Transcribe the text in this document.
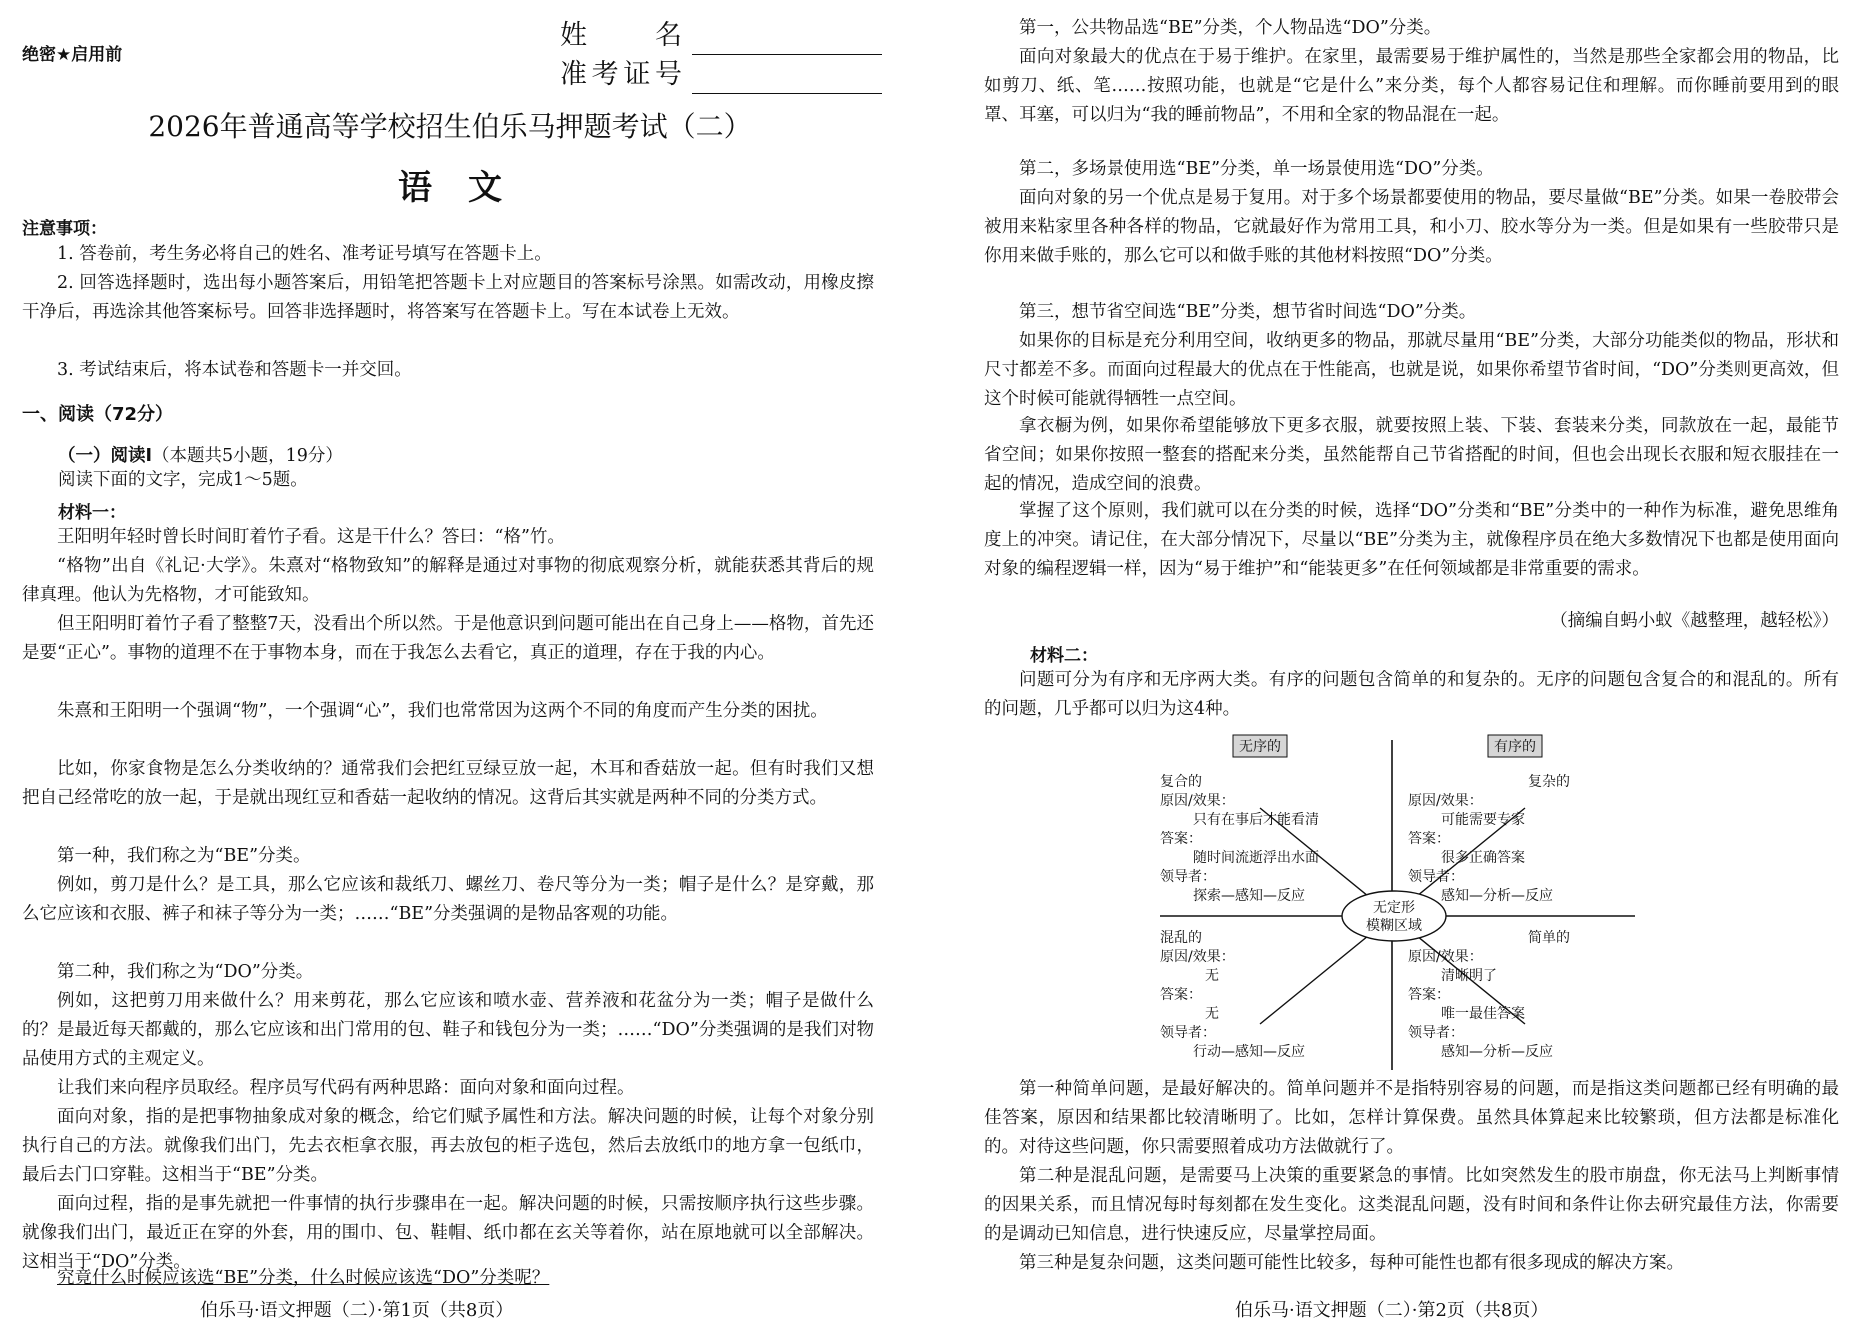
绝密★启用前
姓　名
准考证号
2026年普通高等学校招生伯乐马押题考试（二）
语文
注意事项：

1. 答卷前，考生务必将自己的姓名、准考证号填写在答题卡上。

2. 回答选择题时，选出每小题答案后，用铅笔把答题卡上对应题目的答案标号涂黑。如需改动，用橡皮擦干净后，再选涂其他答案标号。回答非选择题时，将答案写在答题卡上。写在本试卷上无效。

3. 考试结束后，将本试卷和答题卡一并交回。

一、阅读（72分）
（一）阅读Ⅰ（本题共5小题，19分）

阅读下面的文字，完成1～5题。

材料一：

王阳明年轻时曾长时间盯着竹子看。这是干什么？答曰：“格”竹。

“格物”出自《礼记·大学》。朱熹对“格物致知”的解释是通过对事物的彻底观察分析，就能获悉其背后的规律真理。他认为先格物，才可能致知。

但王阳明盯着竹子看了整整7天，没看出个所以然。于是他意识到问题可能出在自己身上——格物，首先还是要“正心”。事物的道理不在于事物本身，而在于我怎么去看它，真正的道理，存在于我的内心。

朱熹和王阳明一个强调“物”，一个强调“心”，我们也常常因为这两个不同的角度而产生分类的困扰。

比如，你家食物是怎么分类收纳的？通常我们会把红豆绿豆放一起，木耳和香菇放一起。但有时我们又想把自己经常吃的放一起，于是就出现红豆和香菇一起收纳的情况。这背后其实就是两种不同的分类方式。

第一种，我们称之为“BE”分类。

例如，剪刀是什么？是工具，那么它应该和裁纸刀、螺丝刀、卷尺等分为一类；帽子是什么？是穿戴，那么它应该和衣服、裤子和袜子等分为一类；……“BE”分类强调的是物品客观的功能。

第二种，我们称之为“DO”分类。

例如，这把剪刀用来做什么？用来剪花，那么它应该和喷水壶、营养液和花盆分为一类；帽子是做什么的？是最近每天都戴的，那么它应该和出门常用的包、鞋子和钱包分为一类；……“DO”分类强调的是我们对物品使用方式的主观定义。

让我们来向程序员取经。程序员写代码有两种思路：面向对象和面向过程。

面向对象，指的是把事物抽象成对象的概念，给它们赋予属性和方法。解决问题的时候，让每个对象分别执行自己的方法。就像我们出门，先去衣柜拿衣服，再去放包的柜子选包，然后去放纸巾的地方拿一包纸巾，最后去门口穿鞋。这相当于“BE”分类。

面向过程，指的是事先就把一件事情的执行步骤串在一起。解决问题的时候，只需按顺序执行这些步骤。就像我们出门，最近正在穿的外套，用的围巾、包、鞋帽、纸巾都在玄关等着你，站在原地就可以全部解决。这相当于“DO”分类。

究竟什么时候应该选“BE”分类，什么时候应该选“DO”分类呢？

伯乐马·语文押题（二）·第1页（共8页）

第一，公共物品选“BE”分类，个人物品选“DO”分类。

面向对象最大的优点在于易于维护。在家里，最需要易于维护属性的，当然是那些全家都会用的物品，比如剪刀、纸、笔……按照功能，也就是“它是什么”来分类，每个人都容易记住和理解。而你睡前要用到的眼罩、耳塞，可以归为“我的睡前物品”，不用和全家的物品混在一起。

第二，多场景使用选“BE”分类，单一场景使用选“DO”分类。

面向对象的另一个优点是易于复用。对于多个场景都要使用的物品，要尽量做“BE”分类。如果一卷胶带会被用来粘家里各种各样的物品，它就最好作为常用工具，和小刀、胶水等分为一类。但是如果有一些胶带只是你用来做手账的，那么它可以和做手账的其他材料按照“DO”分类。

第三，想节省空间选“BE”分类，想节省时间选“DO”分类。

如果你的目标是充分利用空间，收纳更多的物品，那就尽量用“BE”分类，大部分功能类似的物品，形状和尺寸都差不多。而面向过程最大的优点在于性能高，也就是说，如果你希望节省时间，“DO”分类则更高效，但这个时候可能就得牺牲一点空间。

拿衣橱为例，如果你希望能够放下更多衣服，就要按照上装、下装、套装来分类，同款放在一起，最能节省空间；如果你按照一整套的搭配来分类，虽然能帮自己节省搭配的时间，但也会出现长衣服和短衣服挂在一起的情况，造成空间的浪费。

掌握了这个原则，我们就可以在分类的时候，选择“DO”分类和“BE”分类中的一种作为标准，避免思维角度上的冲突。请记住，在大部分情况下，尽量以“BE”分类为主，就像程序员在绝大多数情况下也都是使用面向对象的编程逻辑一样，因为“易于维护”和“能装更多”在任何领域都是非常重要的需求。

（摘编自蚂小蚁《越整理，越轻松》）
材料二：

问题可分为有序和无序两大类。有序的问题包含简单的和复杂的。无序的问题包含复合的和混乱的。所有的问题，几乎都可以归为这4种。

无序的	有序的
无定形
模糊区域
复合的
原因/效果：
只有在事后才能看清
答案：
随时间流逝浮出水面
领导者：
探索—感知—反应
复杂的
原因/效果：
可能需要专家
答案：
很多正确答案
领导者：
感知—分析—反应
混乱的
原因/效果：
无
答案：
无
领导者：
行动—感知—反应
简单的
原因/效果：
清晰明了
答案：
唯一最佳答案
领导者：
感知—分析—反应

第一种简单问题，是最好解决的。简单问题并不是指特别容易的问题，而是指这类问题都已经有明确的最佳答案，原因和结果都比较清晰明了。比如，怎样计算保费。虽然具体算起来比较繁琐，但方法都是标准化的。对待这些问题，你只需要照着成功方法做就行了。

第二种是混乱问题，是需要马上决策的重要紧急的事情。比如突然发生的股市崩盘，你无法马上判断事情的因果关系，而且情况每时每刻都在发生变化。这类混乱问题，没有时间和条件让你去研究最佳方法，你需要的是调动已知信息，进行快速反应，尽量掌控局面。

第三种是复杂问题，这类问题可能性比较多，每种可能性也都有很多现成的解决方案。

伯乐马·语文押题（二）·第2页（共8页）
